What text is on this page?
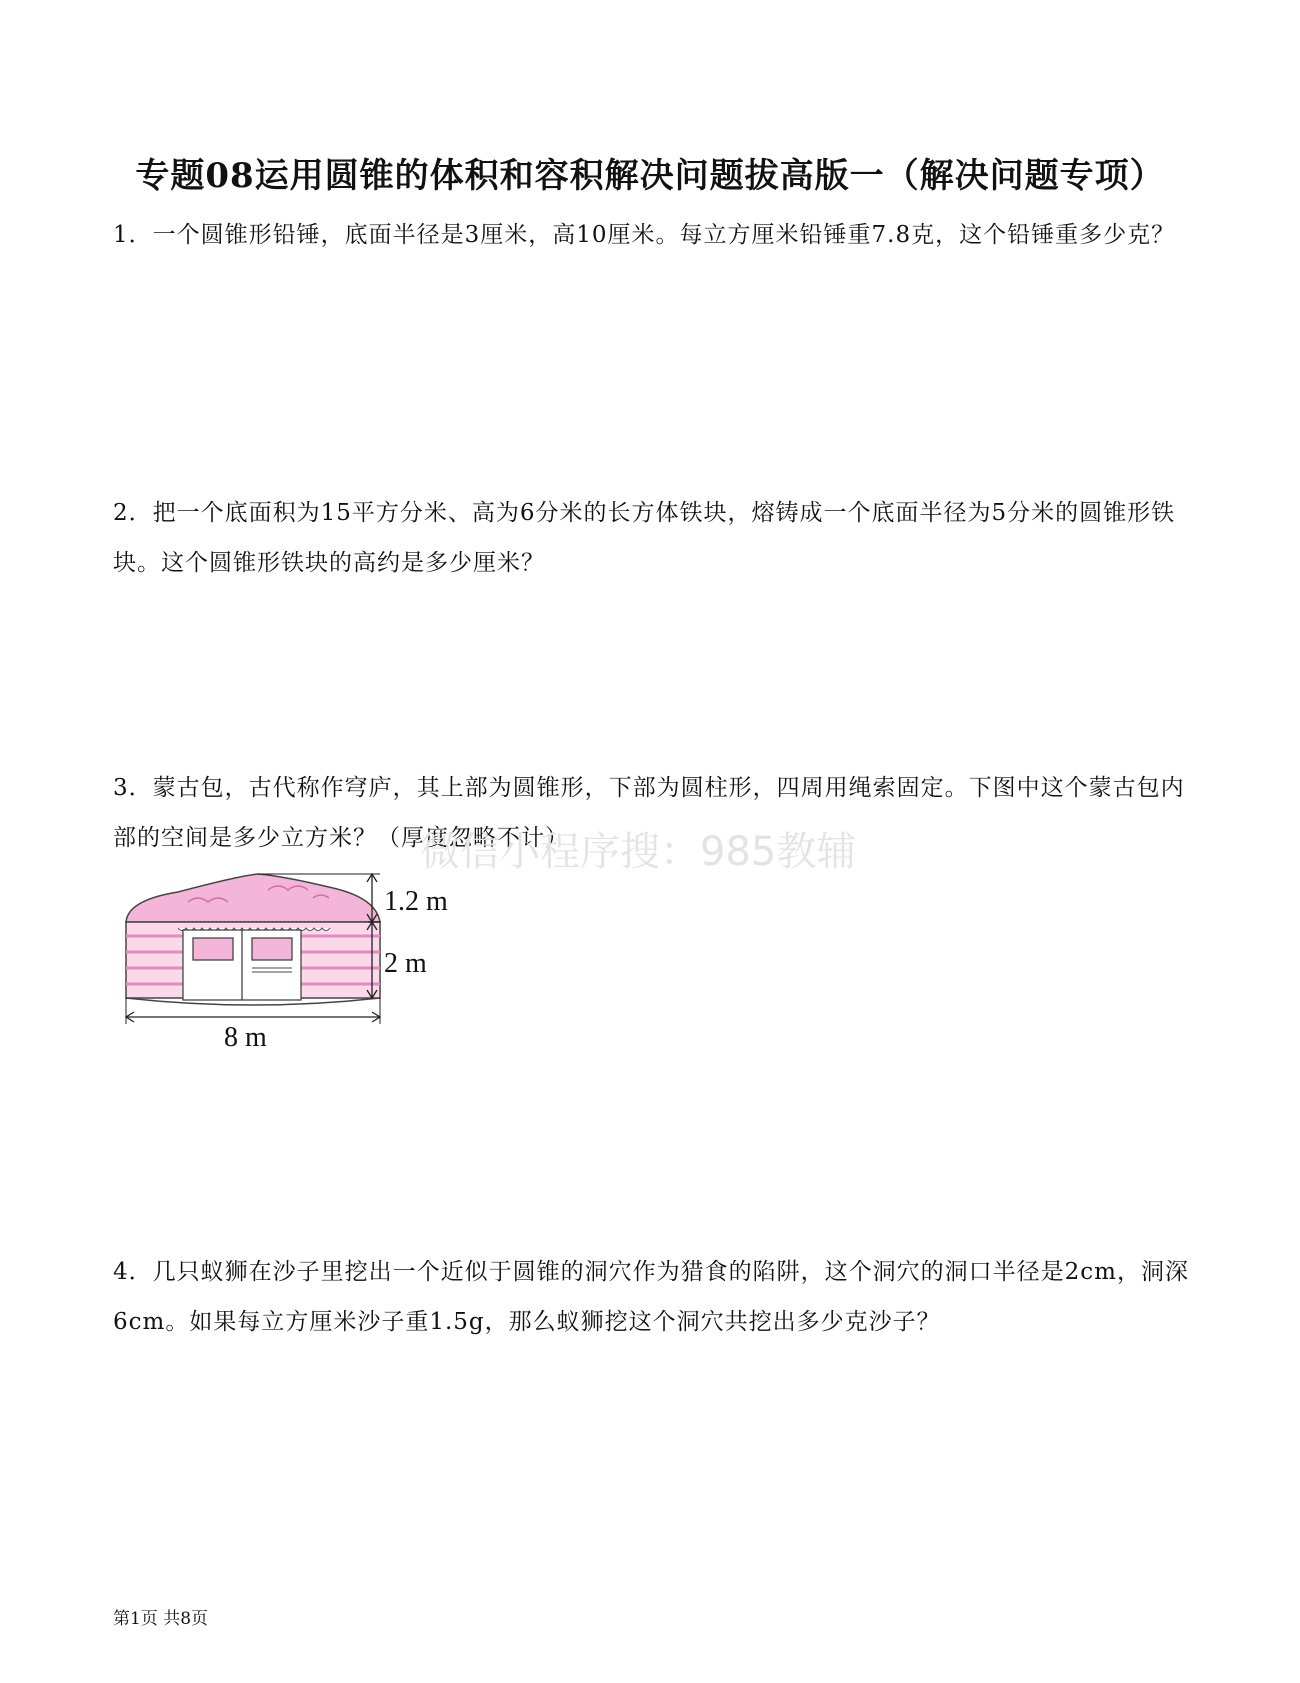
专题08运用圆锥的体积和容积解决问题拔高版一（解决问题专项）
1．一个圆锥形铅锤，底面半径是3厘米，高10厘米。每立方厘米铅锤重7.8克，这个铅锤重多少克？
2．把一个底面积为15平方分米、高为6分米的长方体铁块，熔铸成一个底面半径为5分米的圆锥形铁块。这个圆锥形铁块的高约是多少厘米？
3．蒙古包，古代称作穹庐，其上部为圆锥形，下部为圆柱形，四周用绳索固定。下图中这个蒙古包内部的空间是多少立方米？（厚度忽略不计）
微信小程序搜：985教辅
1.2 m
2 m
8 m
4．几只蚁狮在沙子里挖出一个近似于圆锥的洞穴作为猎食的陷阱，这个洞穴的洞口半径是2cm，洞深6cm。如果每立方厘米沙子重1.5g，那么蚁狮挖这个洞穴共挖出多少克沙子？
第1页 共8页
